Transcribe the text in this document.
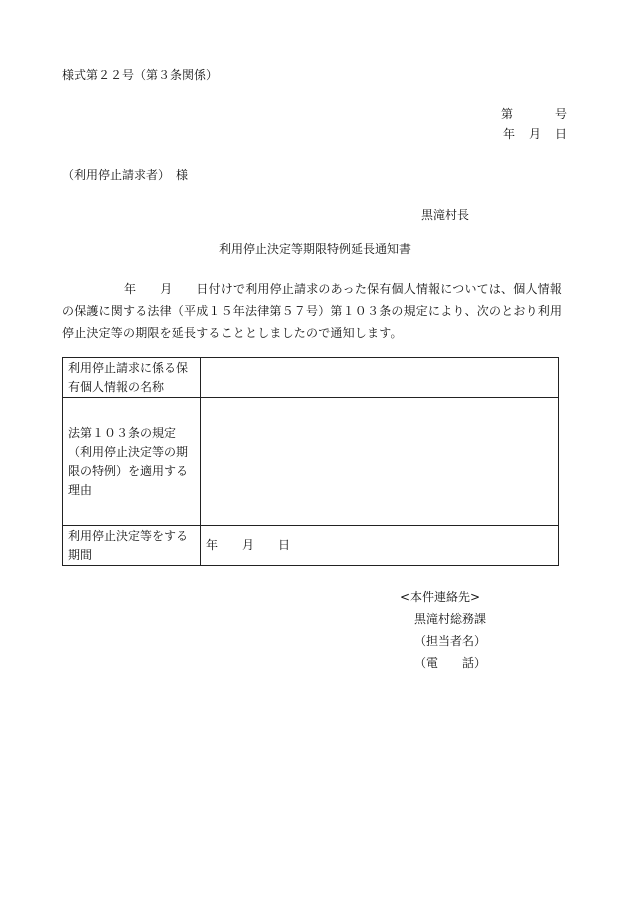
様式第２２号（第３条関係）
第	号
年 月 日
（利用停止請求者）　様
黒滝村長
利用停止決定等期限特例延長通知書
年 月 日付けで利用停止請求のあった保有個人情報については、個人情報の保護に関する法律（平成１５年法律第５７号）第１０３条の規定により、次のとおり利用停止決定等の期限を延長することとしましたので通知します。
利用停止請求に係る保有個人情報の名称	
法第１０３条の規定（利用停止決定等の期限の特例）を適用する理由	
利用停止決定等をする期間	年 月 日
<本件連絡先>
黒滝村総務課
（担当者名）
（電　　話）
